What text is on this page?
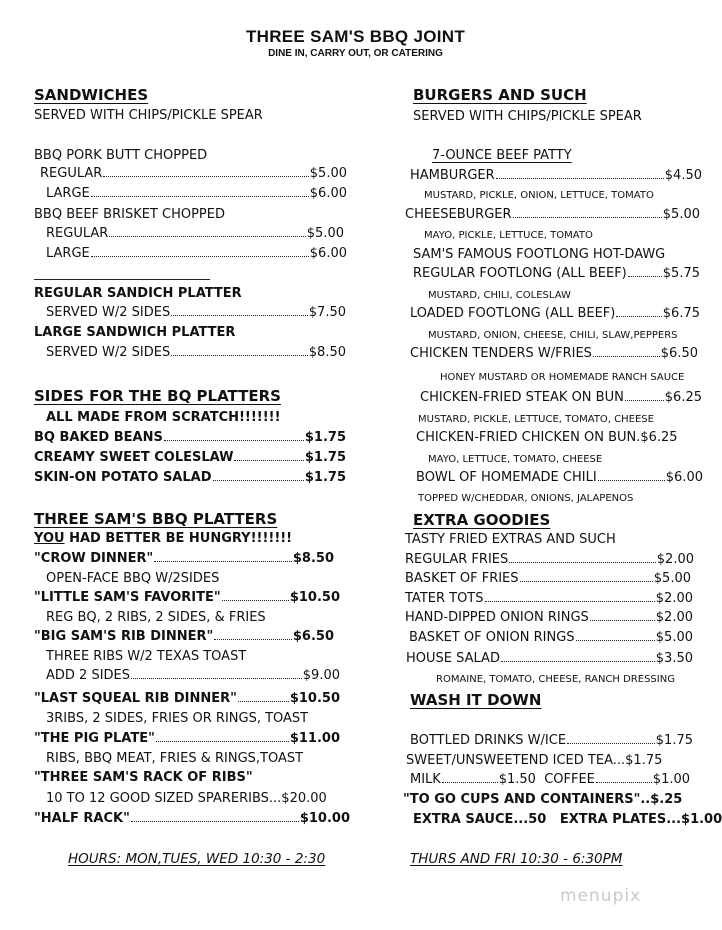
THREE SAM'S BBQ JOINT
DINE IN, CARRY OUT, OR CATERING
SANDWICHES
SERVED WITH CHIPS/PICKLE SPEAR
BBQ PORK BUTT CHOPPED
REGULAR	$5.00
LARGE	$6.00
BBQ BEEF BRISKET CHOPPED
REGULAR	$5.00
LARGE	$6.00
REGULAR SANDICH PLATTER
SERVED W/2 SIDES	$7.50
LARGE SANDWICH PLATTER
SERVED W/2 SIDES	$8.50
SIDES FOR THE BQ PLATTERS
ALL MADE FROM SCRATCH!!!!!!!
BQ BAKED BEANS	$1.75
CREAMY SWEET COLESLAW	$1.75
SKIN-ON POTATO SALAD	$1.75
THREE SAM'S BBQ PLATTERS
YOU HAD BETTER BE HUNGRY!!!!!!!
"CROW DINNER"	$8.50
OPEN-FACE BBQ W/2SIDES
"LITTLE SAM'S FAVORITE"	$10.50
REG BQ, 2 RIBS, 2 SIDES, & FRIES
"BIG SAM'S RIB DINNER"	$6.50
THREE RIBS W/2 TEXAS TOAST
ADD 2 SIDES	$9.00
"LAST SQUEAL RIB DINNER"	$10.50
3RIBS, 2 SIDES, FRIES OR RINGS, TOAST
"THE PIG PLATE"	$11.00
RIBS, BBQ MEAT, FRIES & RINGS,TOAST
"THREE SAM'S RACK OF RIBS"
10 TO 12 GOOD SIZED SPARERIBS...$20.00
"HALF RACK"	$10.00
BURGERS AND SUCH
SERVED WITH CHIPS/PICKLE SPEAR
7-OUNCE BEEF PATTY
HAMBURGER	$4.50
MUSTARD, PICKLE, ONION, LETTUCE, TOMATO
CHEESEBURGER	$5.00
MAYO, PICKLE, LETTUCE, TOMATO
SAM'S FAMOUS FOOTLONG HOT-DAWG
REGULAR FOOTLONG (ALL BEEF)	$5.75
MUSTARD, CHILI, COLESLAW
LOADED FOOTLONG (ALL BEEF)	$6.75
MUSTARD, ONION, CHEESE, CHILI, SLAW,PEPPERS
CHICKEN TENDERS W/FRIES	$6.50
HONEY MUSTARD OR HOMEMADE RANCH SAUCE
CHICKEN-FRIED STEAK ON BUN	$6.25
MUSTARD, PICKLE, LETTUCE, TOMATO, CHEESE
CHICKEN-FRIED CHICKEN ON BUN. $6.25
MAYO, LETTUCE, TOMATO, CHEESE
BOWL OF HOMEMADE CHILI	$6.00
TOPPED W/CHEDDAR, ONIONS, JALAPENOS
EXTRA GOODIES
TASTY FRIED EXTRAS AND SUCH
REGULAR FRIES	$2.00
BASKET OF FRIES	$5.00
TATER TOTS	$2.00
HAND-DIPPED ONION RINGS	$2.00
BASKET OF ONION RINGS	$5.00
HOUSE SALAD	$3.50
ROMAINE, TOMATO, CHEESE, RANCH DRESSING
WASH IT DOWN
BOTTLED DRINKS W/ICE	$1.75
SWEET/UNSWEETEND ICED TEA...$1.75
MILK	$1.50
COFFEE	$1.00
"TO GO CUPS AND CONTAINERS"..$.25
EXTRA SAUCE...50 EXTRA PLATES...$1.00
HOURS: MON,TUES, WED 10:30 - 2:30	THURS AND FRI 10:30 - 6:30PM
menupix
